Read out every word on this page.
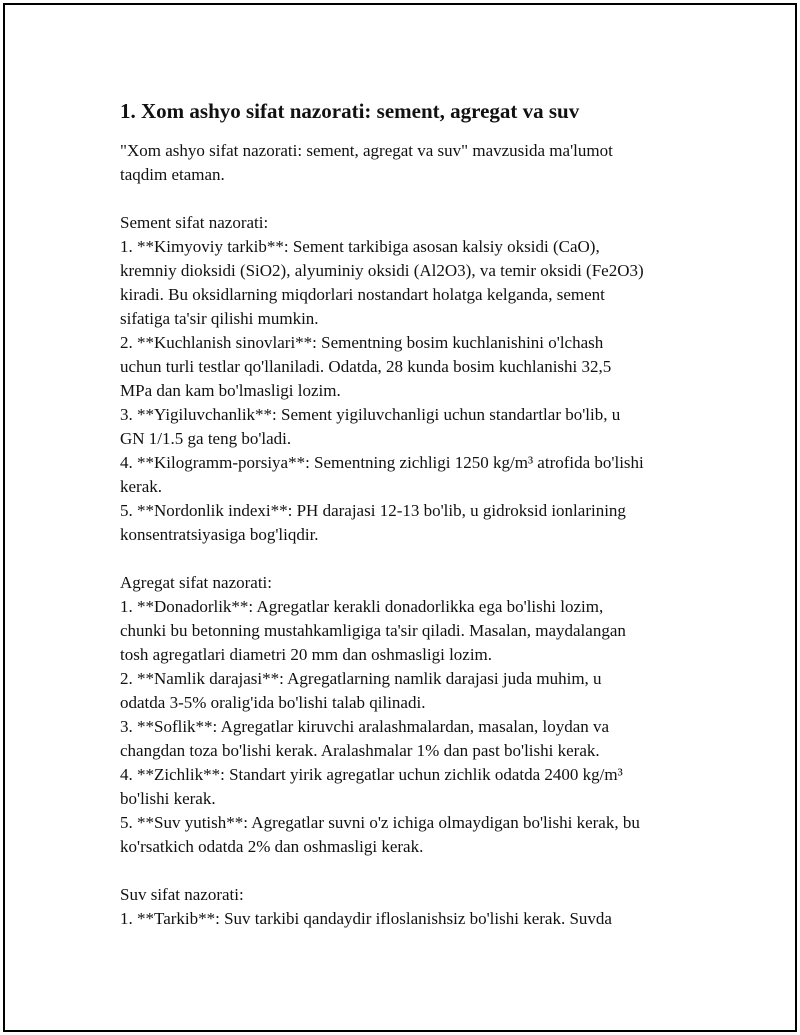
1. Xom ashyo sifat nazorati: sement, agregat va suv
"Xom ashyo sifat nazorati: sement, agregat va suv" mavzusida ma'lumot
taqdim etaman.
Sement sifat nazorati:
1. **Kimyoviy tarkib**: Sement tarkibiga asosan kalsiy oksidi (CaO),
kremniy dioksidi (SiO2), alyuminiy oksidi (Al2O3), va temir oksidi (Fe2O3)
kiradi. Bu oksidlarning miqdorlari nostandart holatga kelganda, sement
sifatiga ta'sir qilishi mumkin.
2. **Kuchlanish sinovlari**: Sementning bosim kuchlanishini o'lchash
uchun turli testlar qo'llaniladi. Odatda, 28 kunda bosim kuchlanishi 32,5
MPa dan kam bo'lmasligi lozim.
3. **Yigiluvchanlik**: Sement yigiluvchanligi uchun standartlar bo'lib, u
GN 1/1.5 ga teng bo'ladi.
4. **Kilogramm-porsiya**: Sementning zichligi 1250 kg/m³ atrofida bo'lishi
kerak.
5. **Nordonlik indexi**: PH darajasi 12-13 bo'lib, u gidroksid ionlarining
konsentratsiyasiga bog'liqdir.
Agregat sifat nazorati:
1. **Donadorlik**: Agregatlar kerakli donadorlikka ega bo'lishi lozim,
chunki bu betonning mustahkamligiga ta'sir qiladi. Masalan, maydalangan
tosh agregatlari diametri 20 mm dan oshmasligi lozim.
2. **Namlik darajasi**: Agregatlarning namlik darajasi juda muhim, u
odatda 3-5% oralig'ida bo'lishi talab qilinadi.
3. **Soflik**: Agregatlar kiruvchi aralashmalardan, masalan, loydan va
changdan toza bo'lishi kerak. Aralashmalar 1% dan past bo'lishi kerak.
4. **Zichlik**: Standart yirik agregatlar uchun zichlik odatda 2400 kg/m³
bo'lishi kerak.
5. **Suv yutish**: Agregatlar suvni o'z ichiga olmaydigan bo'lishi kerak, bu
ko'rsatkich odatda 2% dan oshmasligi kerak.
Suv sifat nazorati:
1. **Tarkib**: Suv tarkibi qandaydir ifloslanishsiz bo'lishi kerak. Suvda
